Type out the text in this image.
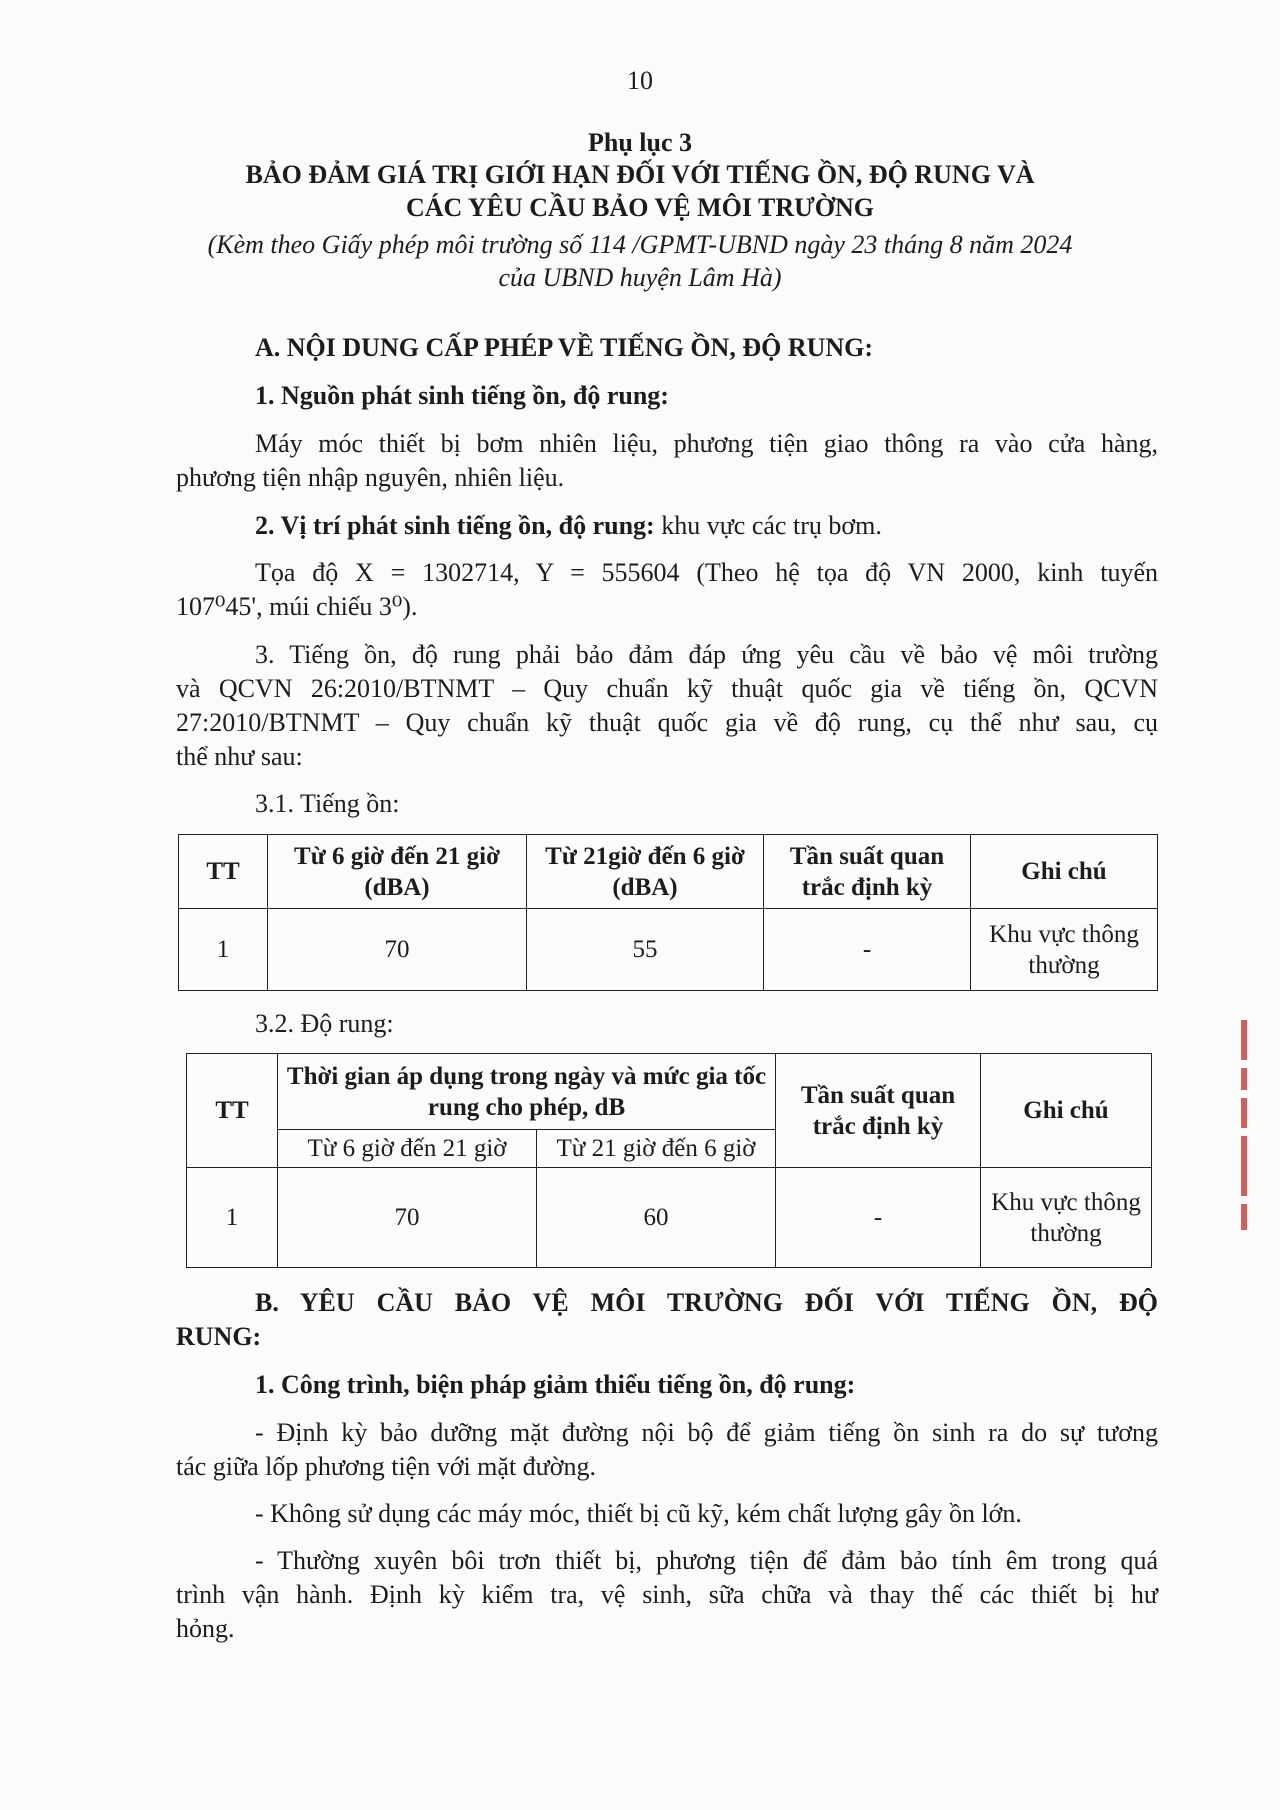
10
Phụ lục 3
BẢO ĐẢM GIÁ TRỊ GIỚI HẠN ĐỐI VỚI TIẾNG ỒN, ĐỘ RUNG VÀ
CÁC YÊU CẦU BẢO VỆ MÔI TRƯỜNG
(Kèm theo Giấy phép môi trường số 114 /GPMT-UBND ngày 23 tháng 8 năm 2024
của UBND huyện Lâm Hà)
A. NỘI DUNG CẤP PHÉP VỀ TIẾNG ỒN, ĐỘ RUNG:
1. Nguồn phát sinh tiếng ồn, độ rung:
Máy móc thiết bị bơm nhiên liệu, phương tiện giao thông ra vào cửa hàng,
phương tiện nhập nguyên, nhiên liệu.
2. Vị trí phát sinh tiếng ồn, độ rung: khu vực các trụ bơm.
Tọa độ X = 1302714, Y = 555604 (Theo hệ tọa độ VN 2000, kinh tuyến
107⁰45', múi chiếu 3⁰).
3. Tiếng ồn, độ rung phải bảo đảm đáp ứng yêu cầu về bảo vệ môi trường
và QCVN 26:2010/BTNMT – Quy chuẩn kỹ thuật quốc gia về tiếng ồn, QCVN
27:2010/BTNMT – Quy chuẩn kỹ thuật quốc gia về độ rung, cụ thể như sau, cụ
thể như sau:
3.1. Tiếng ồn:
TT	Từ 6 giờ đến 21 giờ (dBA)	Từ 21giờ đến 6 giờ (dBA)	Tần suất quan trắc định kỳ	Ghi chú
1	70	55	-	Khu vực thông thường
3.2. Độ rung:
TT	Thời gian áp dụng trong ngày và mức gia tốc rung cho phép, dB		Tần suất quan trắc định kỳ	Ghi chú
	Từ 6 giờ đến 21 giờ	Từ 21 giờ đến 6 giờ		
1	70	60	-	Khu vực thông thường
B. YÊU CẦU BẢO VỆ MÔI TRƯỜNG ĐỐI VỚI TIẾNG ỒN, ĐỘ
RUNG:
1. Công trình, biện pháp giảm thiểu tiếng ồn, độ rung:
- Định kỳ bảo dưỡng mặt đường nội bộ để giảm tiếng ồn sinh ra do sự tương
tác giữa lốp phương tiện với mặt đường.
- Không sử dụng các máy móc, thiết bị cũ kỹ, kém chất lượng gây ồn lớn.
- Thường xuyên bôi trơn thiết bị, phương tiện để đảm bảo tính êm trong quá
trình vận hành. Định kỳ kiểm tra, vệ sinh, sữa chữa và thay thế các thiết bị hư
hỏng.
